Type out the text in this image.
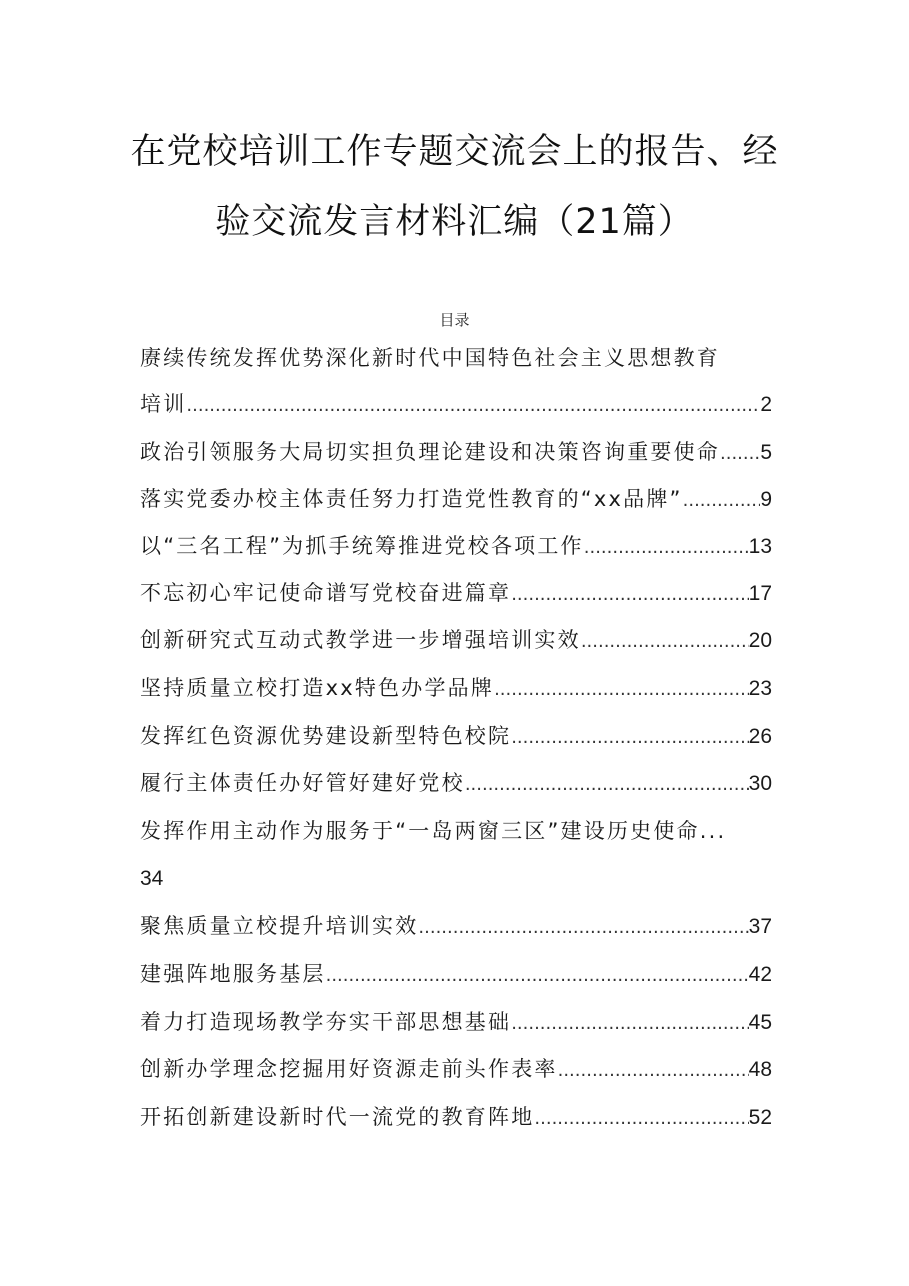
在党校培训工作专题交流会上的报告、经
验交流发言材料汇编（21篇）
目录
赓续传统发挥优势深化新时代中国特色社会主义思想教育
培训 .....	2
政治引领服务大局切实担负理论建设和决策咨询重要使命 ..... 5
落实党委办校主体责任努力打造党性教育的“xx品牌” .....	9
以“三名工程”为抓手统筹推进党校各项工作 .....	13
不忘初心牢记使命谱写党校奋进篇章 .....	17
创新研究式互动式教学进一步增强培训实效 .....	20
坚持质量立校打造xx特色办学品牌 .....	23
发挥红色资源优势建设新型特色校院 .....	26
履行主体责任办好管好建好党校 .....	30
发挥作用主动作为服务于“一岛两窗三区”建设历史使命...
34
聚焦质量立校提升培训实效 .....	37
建强阵地服务基层 .....	42
着力打造现场教学夯实干部思想基础 .....	45
创新办学理念挖掘用好资源走前头作表率 .....	48
开拓创新建设新时代一流党的教育阵地 .....	52
